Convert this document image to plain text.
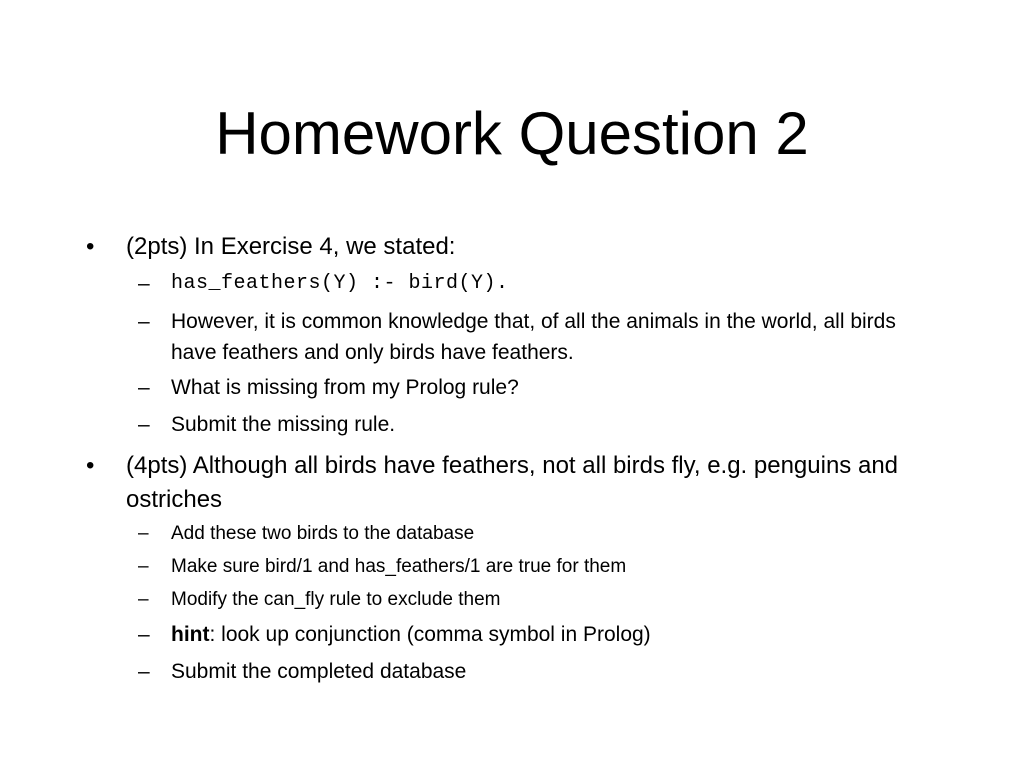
Homework Question 2
• (2pts) In Exercise 4, we stated:
– has_feathers(Y) :- bird(Y).
– However, it is common knowledge that, of all the animals in the world, all birds have feathers and only birds have feathers.
– What is missing from my Prolog rule?
– Submit the missing rule.
• (4pts) Although all birds have feathers, not all birds fly, e.g. penguins and ostriches
– Add these two birds to the database
– Make sure bird/1 and has_feathers/1 are true for them
– Modify the can_fly rule to exclude them
– hint: look up conjunction (comma symbol in Prolog)
– Submit the completed database
